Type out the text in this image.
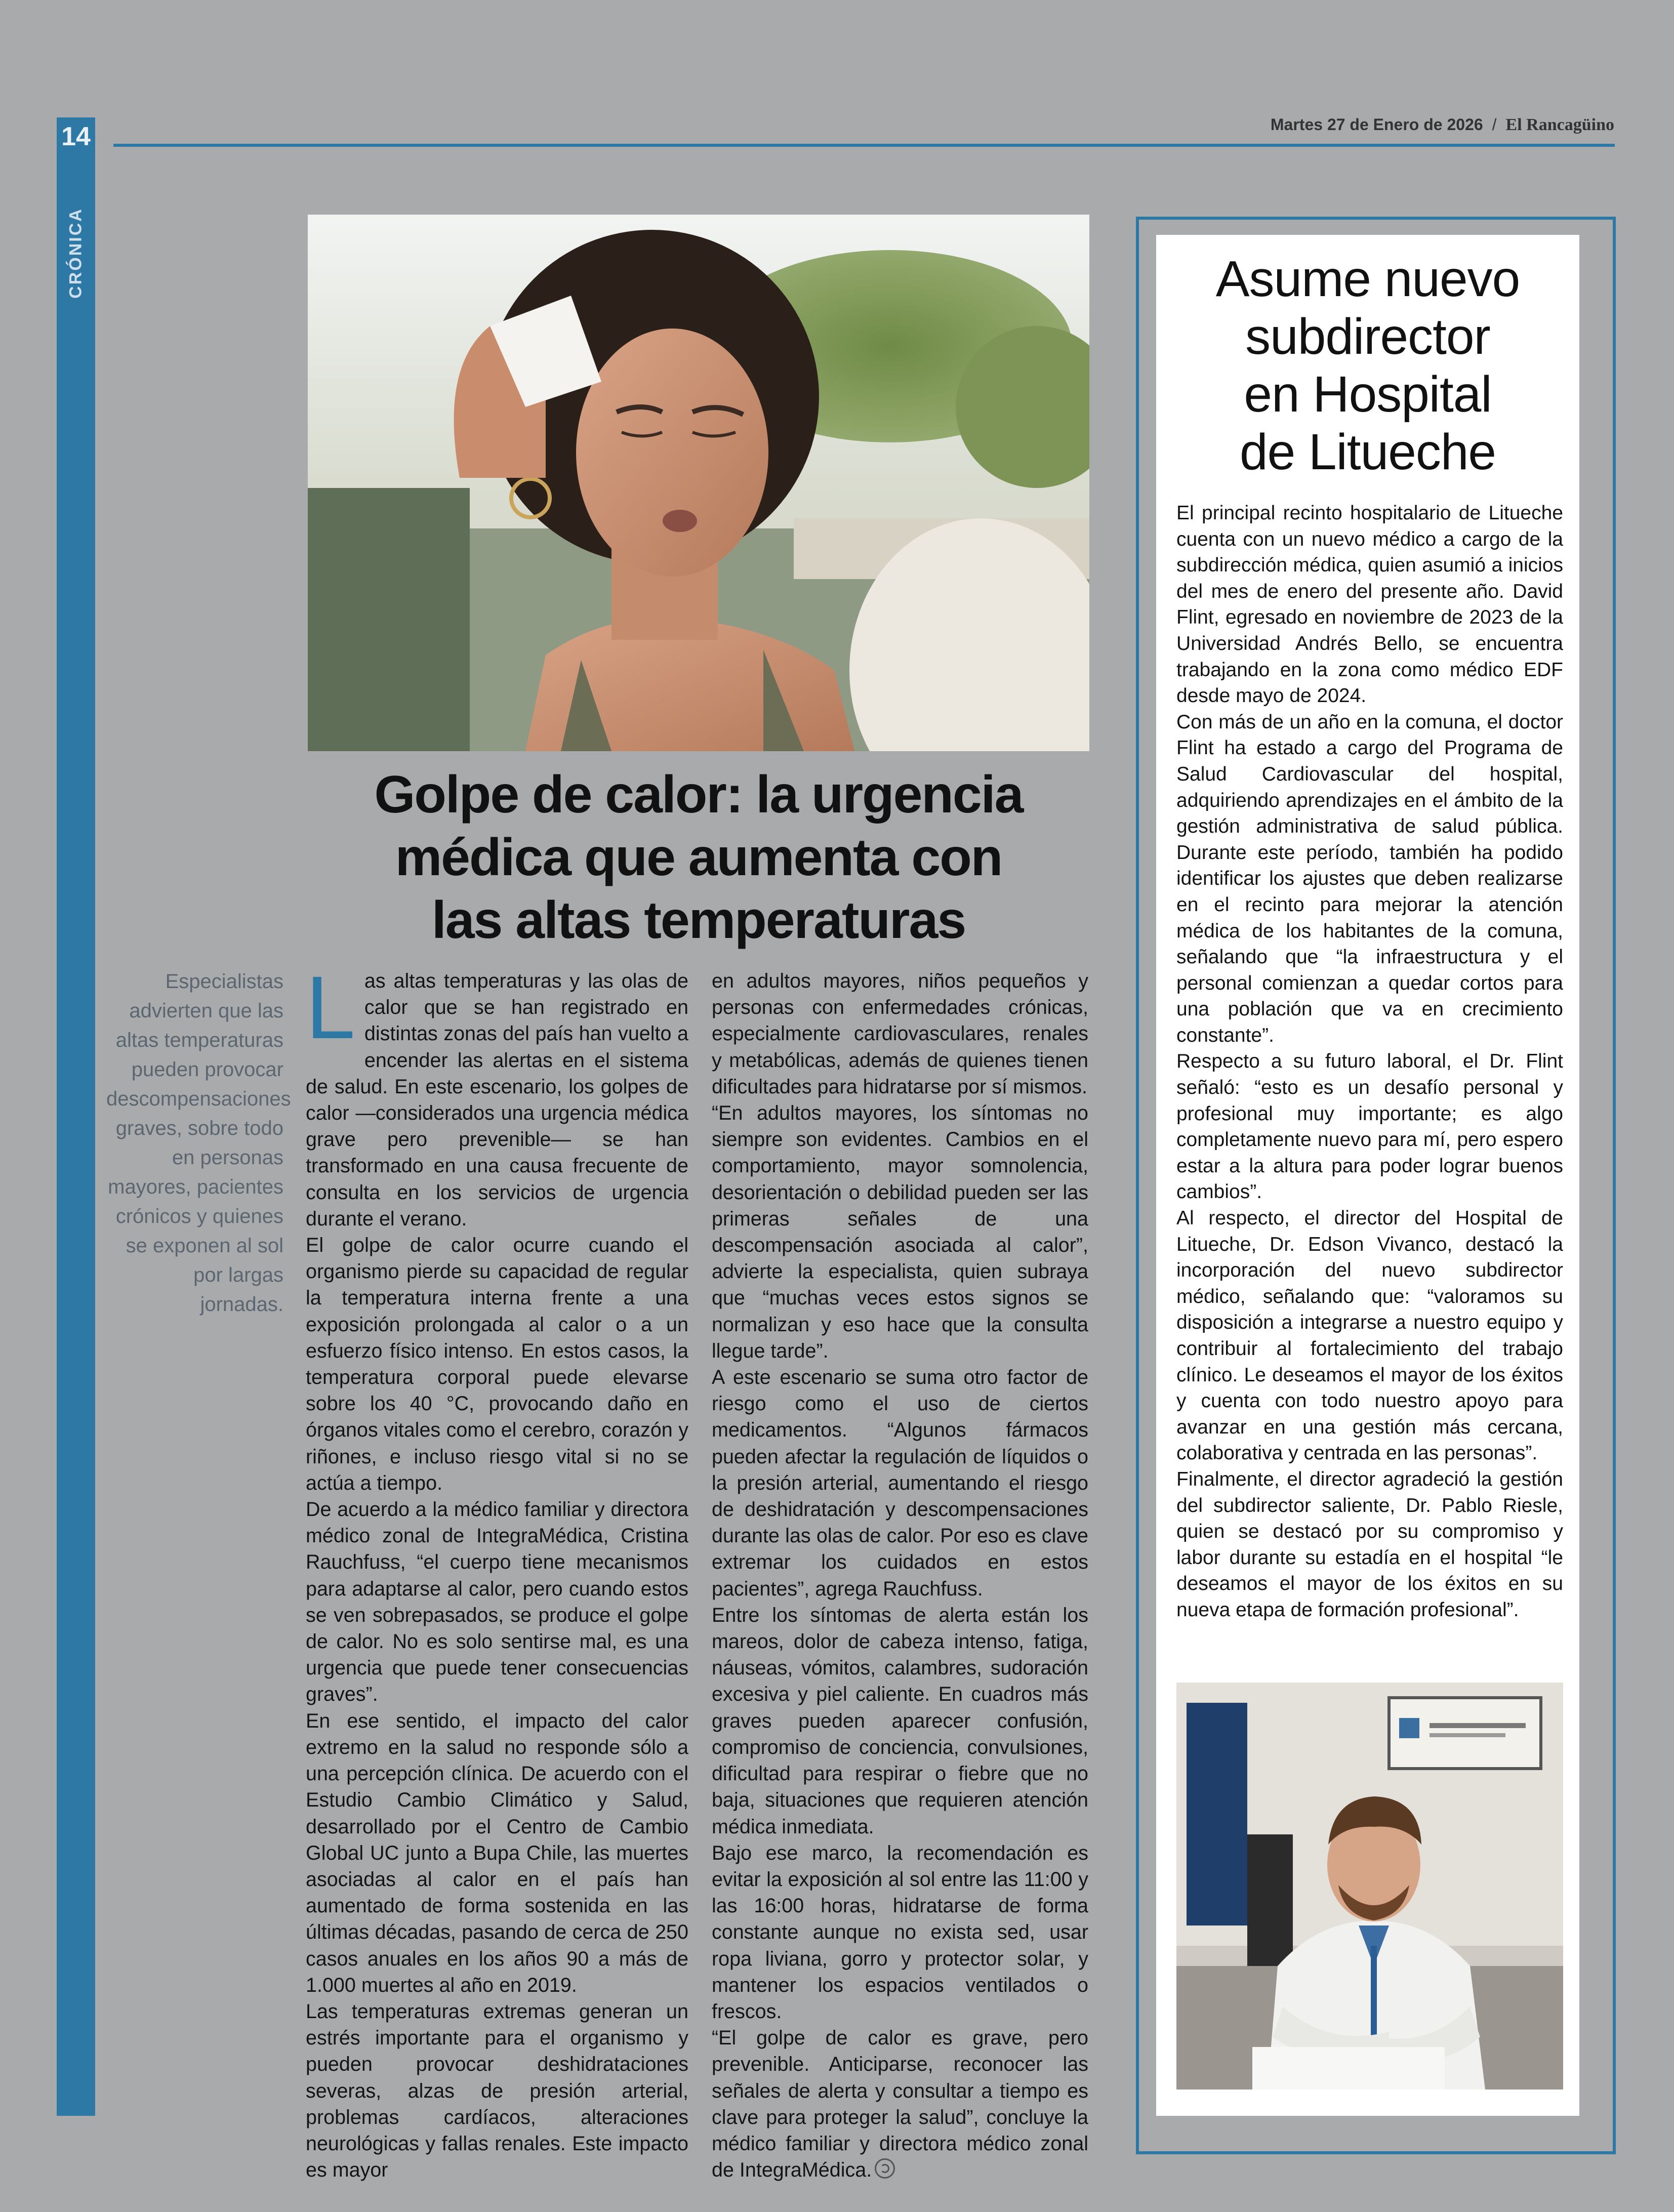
14
CRÓNICA
Martes 27 de Enero de 2026 / El Rancagüino
Golpe de calor: la urgencia
médica que aumenta con
las altas temperaturas
Especialistas advierten que las altas temperaturas pueden provocar descompensaciones graves, sobre todo en personas mayores, pacientes crónicos y quienes se exponen al sol por largas jornadas.

Las altas temperaturas y las olas de calor que se han registrado en distintas zonas del país han vuelto a encender las alertas en el sistema de salud. En este escenario, los golpes de calor —considerados una urgencia médica grave pero prevenible— se han transformado en una causa frecuente de consulta en los servicios de urgencia durante el verano.

El golpe de calor ocurre cuando el organismo pierde su capacidad de regular la temperatura interna frente a una exposición prolongada al calor o a un esfuerzo físico intenso. En estos casos, la temperatura corporal puede elevarse sobre los 40 °C, provocando daño en órganos vitales como el cerebro, corazón y riñones, e incluso riesgo vital si no se actúa a tiempo.

De acuerdo a la médico familiar y directora médico zonal de IntegraMédica, Cristina Rauchfuss, “el cuerpo tiene mecanismos para adaptarse al calor, pero cuando estos se ven sobrepasados, se produce el golpe de calor. No es solo sentirse mal, es una urgencia que puede tener consecuencias graves”.

En ese sentido, el impacto del calor extremo en la salud no responde sólo a una percepción clínica. De acuerdo con el Estudio Cambio Climático y Salud, desarrollado por el Centro de Cambio Global UC junto a Bupa Chile, las muertes asociadas al calor en el país han aumentado de forma sostenida en las últimas décadas, pasando de cerca de 250 casos anuales en los años 90 a más de 1.000 muertes al año en 2019.

Las temperaturas extremas generan un estrés importante para el organismo y pueden provocar deshidrataciones severas, alzas de presión arterial, problemas cardíacos, alteraciones neurológicas y fallas renales. Este impacto es mayor

en adultos mayores, niños pequeños y personas con enfermedades crónicas, especialmente cardiovasculares, renales y metabólicas, además de quienes tienen dificultades para hidratarse por sí mismos.

“En adultos mayores, los síntomas no siempre son evidentes. Cambios en el comportamiento, mayor somnolencia, desorientación o debilidad pueden ser las primeras señales de una descompensación asociada al calor”, advierte la especialista, quien subraya que “muchas veces estos signos se normalizan y eso hace que la consulta llegue tarde”.

A este escenario se suma otro factor de riesgo como el uso de ciertos medicamentos. “Algunos fármacos pueden afectar la regulación de líquidos o la presión arterial, aumentando el riesgo de deshidratación y descompensaciones durante las olas de calor. Por eso es clave extremar los cuidados en estos pacientes”, agrega Rauchfuss.

Entre los síntomas de alerta están los mareos, dolor de cabeza intenso, fatiga, náuseas, vómitos, calambres, sudoración excesiva y piel caliente. En cuadros más graves pueden aparecer confusión, compromiso de conciencia, convulsiones, dificultad para respirar o fiebre que no baja, situaciones que requieren atención médica inmediata.

Bajo ese marco, la recomendación es evitar la exposición al sol entre las 11:00 y las 16:00 horas, hidratarse de forma constante aunque no exista sed, usar ropa liviana, gorro y protector solar, y mantener los espacios ventilados o frescos.

“El golpe de calor es grave, pero prevenible. Anticiparse, reconocer las señales de alerta y consultar a tiempo es clave para proteger la salud”, concluye la médico familiar y directora médico zonal de IntegraMédica.

Asume nuevo
subdirector
en Hospital
de Litueche

El principal recinto hospitalario de Litueche cuenta con un nuevo médico a cargo de la subdirección médica, quien asumió a inicios del mes de enero del presente año. David Flint, egresado en noviembre de 2023 de la Universidad Andrés Bello, se encuentra trabajando en la zona como médico EDF desde mayo de 2024.

Con más de un año en la comuna, el doctor Flint ha estado a cargo del Programa de Salud Cardiovascular del hospital, adquiriendo aprendizajes en el ámbito de la gestión administrativa de salud pública. Durante este período, también ha podido identificar los ajustes que deben realizarse en el recinto para mejorar la atención médica de los habitantes de la comuna, señalando que “la infraestructura y el personal comienzan a quedar cortos para una población que va en crecimiento constante”.

Respecto a su futuro laboral, el Dr. Flint señaló: “esto es un desafío personal y profesional muy importante; es algo completamente nuevo para mí, pero espero estar a la altura para poder lograr buenos cambios”.

Al respecto, el director del Hospital de Litueche, Dr. Edson Vivanco, destacó la incorporación del nuevo subdirector médico, señalando que: “valoramos su disposición a integrarse a nuestro equipo y contribuir al fortalecimiento del trabajo clínico. Le deseamos el mayor de los éxitos y cuenta con todo nuestro apoyo para avanzar en una gestión más cercana, colaborativa y centrada en las personas”.

Finalmente, el director agradeció la gestión del subdirector saliente, Dr. Pablo Riesle, quien se destacó por su compromiso y labor durante su estadía en el hospital “le deseamos el mayor de los éxitos en su nueva etapa de formación profesional”.
